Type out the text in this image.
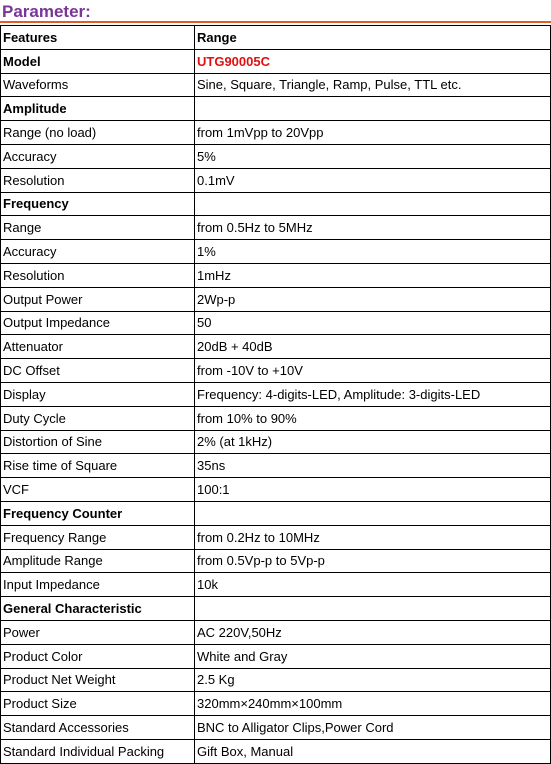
Parameter:
Features	Range
Model	UTG90005C
Waveforms	Sine, Square, Triangle, Ramp, Pulse, TTL etc.
Amplitude	
Range (no load)	from 1mVpp to 20Vpp
Accuracy	5%
Resolution	0.1mV
Frequency	
Range	from 0.5Hz to 5MHz
Accuracy	1%
Resolution	1mHz
Output Power	2Wp-p
Output Impedance	50
Attenuator	20dB + 40dB
DC Offset	from -10V to +10V
Display	Frequency: 4-digits-LED, Amplitude: 3-digits-LED
Duty Cycle	from 10% to 90%
Distortion of Sine	2% (at 1kHz)
Rise time of Square	35ns
VCF	100:1
Frequency Counter	
Frequency Range	from 0.2Hz to 10MHz
Amplitude Range	from 0.5Vp-p to 5Vp-p
Input Impedance	10k
General Characteristic	
Power	AC 220V,50Hz
Product Color	White and Gray
Product Net Weight	2.5 Kg
Product Size	320mm×240mm×100mm
Standard Accessories	BNC to Alligator Clips,Power Cord
Standard Individual Packing	Gift Box, Manual
